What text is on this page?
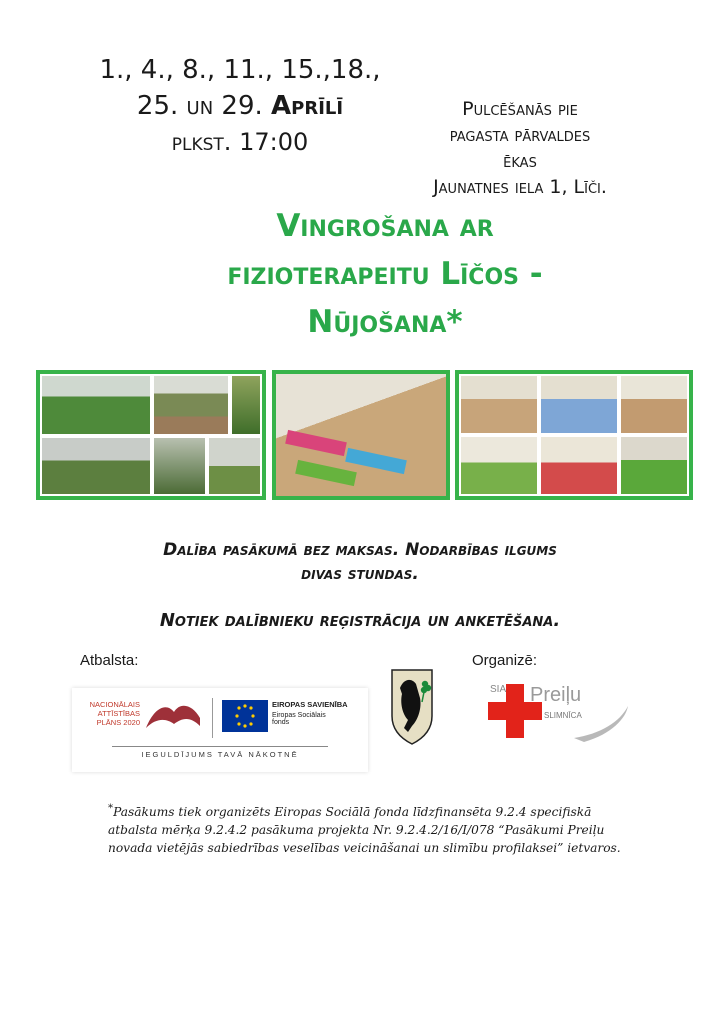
1., 4., 8., 11., 15.,18.,
25. un 29. Aprīlī
plkst. 17:00
Pulcēšanās pie
pagasta pārvaldes
ēkas
Jaunatnes iela 1, Līči.
Vingrošana ar
fizioterapeitu Līčos -
Nūjošana*
Dalība pasākumā bez maksas. Nodarbības ilgums
divas stundas.
Notiek dalībnieku reģistrācija un anketēšana.
Atbalsta:	Organizē:
NACIONĀLAIS
ATTĪSTĪBAS
PLĀNS 2020
EIROPAS SAVIENĪBA
Eiropas Sociālais
fonds
IEGULDĪJUMS TAVĀ NĀKOTNĒ
SIA Preiļu
SLIMNĪCA
*Pasākums tiek organizēts Eiropas Sociālā fonda līdzfinansēta 9.2.4 specifiskā atbalsta mērķa 9.2.4.2 pasākuma projekta Nr. 9.2.4.2/16/I/078 “Pasākumi Preiļu novada vietējās sabiedrības veselības veicināšanai un slimību profilaksei” ietvaros.
